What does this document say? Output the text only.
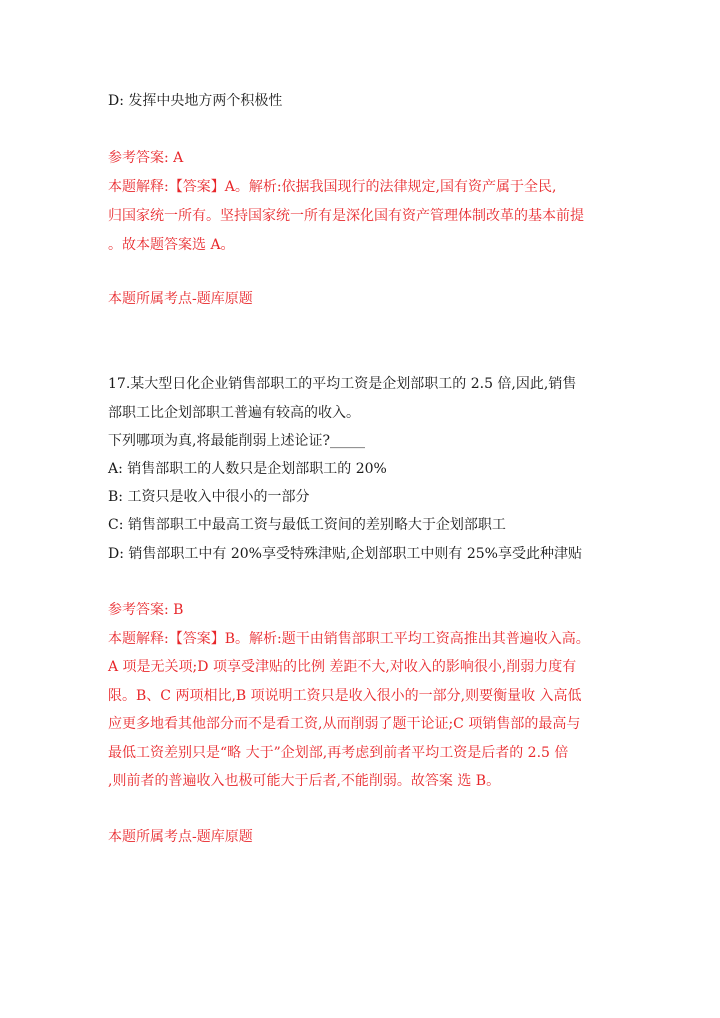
D: 发挥中央地方两个积极性
参考答案: A
本题解释:【答案】A。解析:依据我国现行的法律规定,国有资产属于全民,
归国家统一所有。坚持国家统一所有是深化国有资产管理体制改革的基本前提
。故本题答案选 A。
本题所属考点-题库原题
17.某大型日化企业销售部职工的平均工资是企划部职工的 2.5 倍,因此,销售
部职工比企划部职工普遍有较高的收入。
下列哪项为真,将最能削弱上述论证?_____
A: 销售部职工的人数只是企划部职工的 20%
B: 工资只是收入中很小的一部分
C: 销售部职工中最高工资与最低工资间的差别略大于企划部职工
D: 销售部职工中有 20%享受特殊津贴,企划部职工中则有 25%享受此种津贴
参考答案: B
本题解释:【答案】B。解析:题干由销售部职工平均工资高推出其普遍收入高。
A 项是无关项;D 项享受津贴的比例 差距不大,对收入的影响很小,削弱力度有
限。B、C 两项相比,B 项说明工资只是收入很小的一部分,则要衡量收 入高低
应更多地看其他部分而不是看工资,从而削弱了题干论证;C 项销售部的最高与
最低工资差别只是“略 大于”企划部,再考虑到前者平均工资是后者的 2.5 倍
,则前者的普遍收入也极可能大于后者,不能削弱。故答案 选 B。
本题所属考点-题库原题
